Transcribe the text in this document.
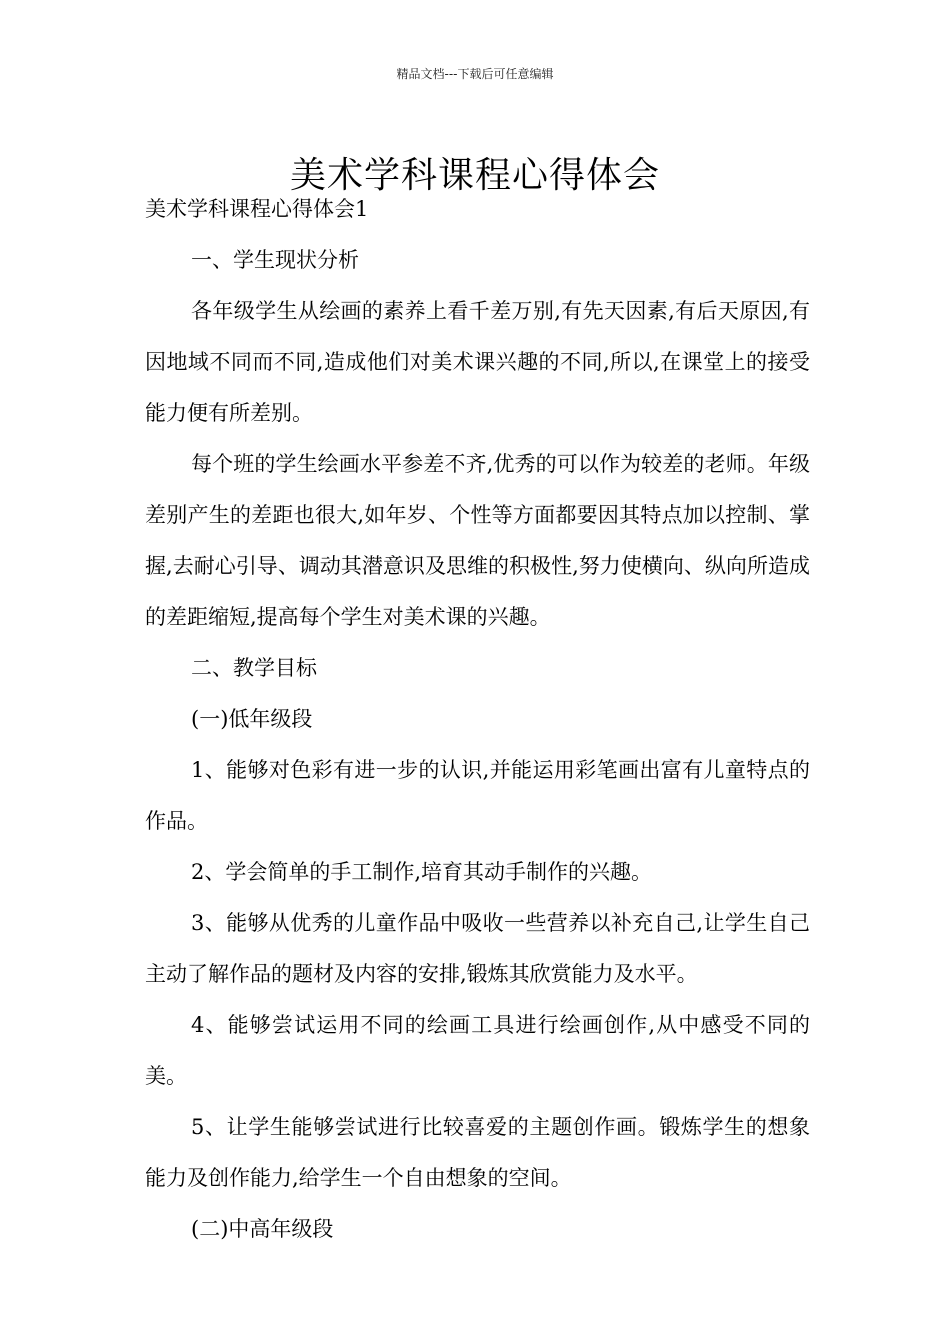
精品文档---下载后可任意编辑
美术学科课程心得体会

美术学科课程心得体会1

一、学生现状分析

各年级学生从绘画的素养上看千差万别,有先天因素,有后天原因,有因地域不同而不同,造成他们对美术课兴趣的不同,所以,在课堂上的接受能力便有所差别。

每个班的学生绘画水平参差不齐,优秀的可以作为较差的老师。年级差别产生的差距也很大,如年岁、个性等方面都要因其特点加以控制、掌握,去耐心引导、调动其潜意识及思维的积极性,努力使横向、纵向所造成的差距缩短,提高每个学生对美术课的兴趣。

二、教学目标

(一)低年级段

1、能够对色彩有进一步的认识,并能运用彩笔画出富有儿童特点的作品。

2、学会简单的手工制作,培育其动手制作的兴趣。

3、能够从优秀的儿童作品中吸收一些营养以补充自己,让学生自己主动了解作品的题材及内容的安排,锻炼其欣赏能力及水平。

4、能够尝试运用不同的绘画工具进行绘画创作,从中感受不同的美。

5、让学生能够尝试进行比较喜爱的主题创作画。锻炼学生的想象能力及创作能力,给学生一个自由想象的空间。

(二)中高年级段
